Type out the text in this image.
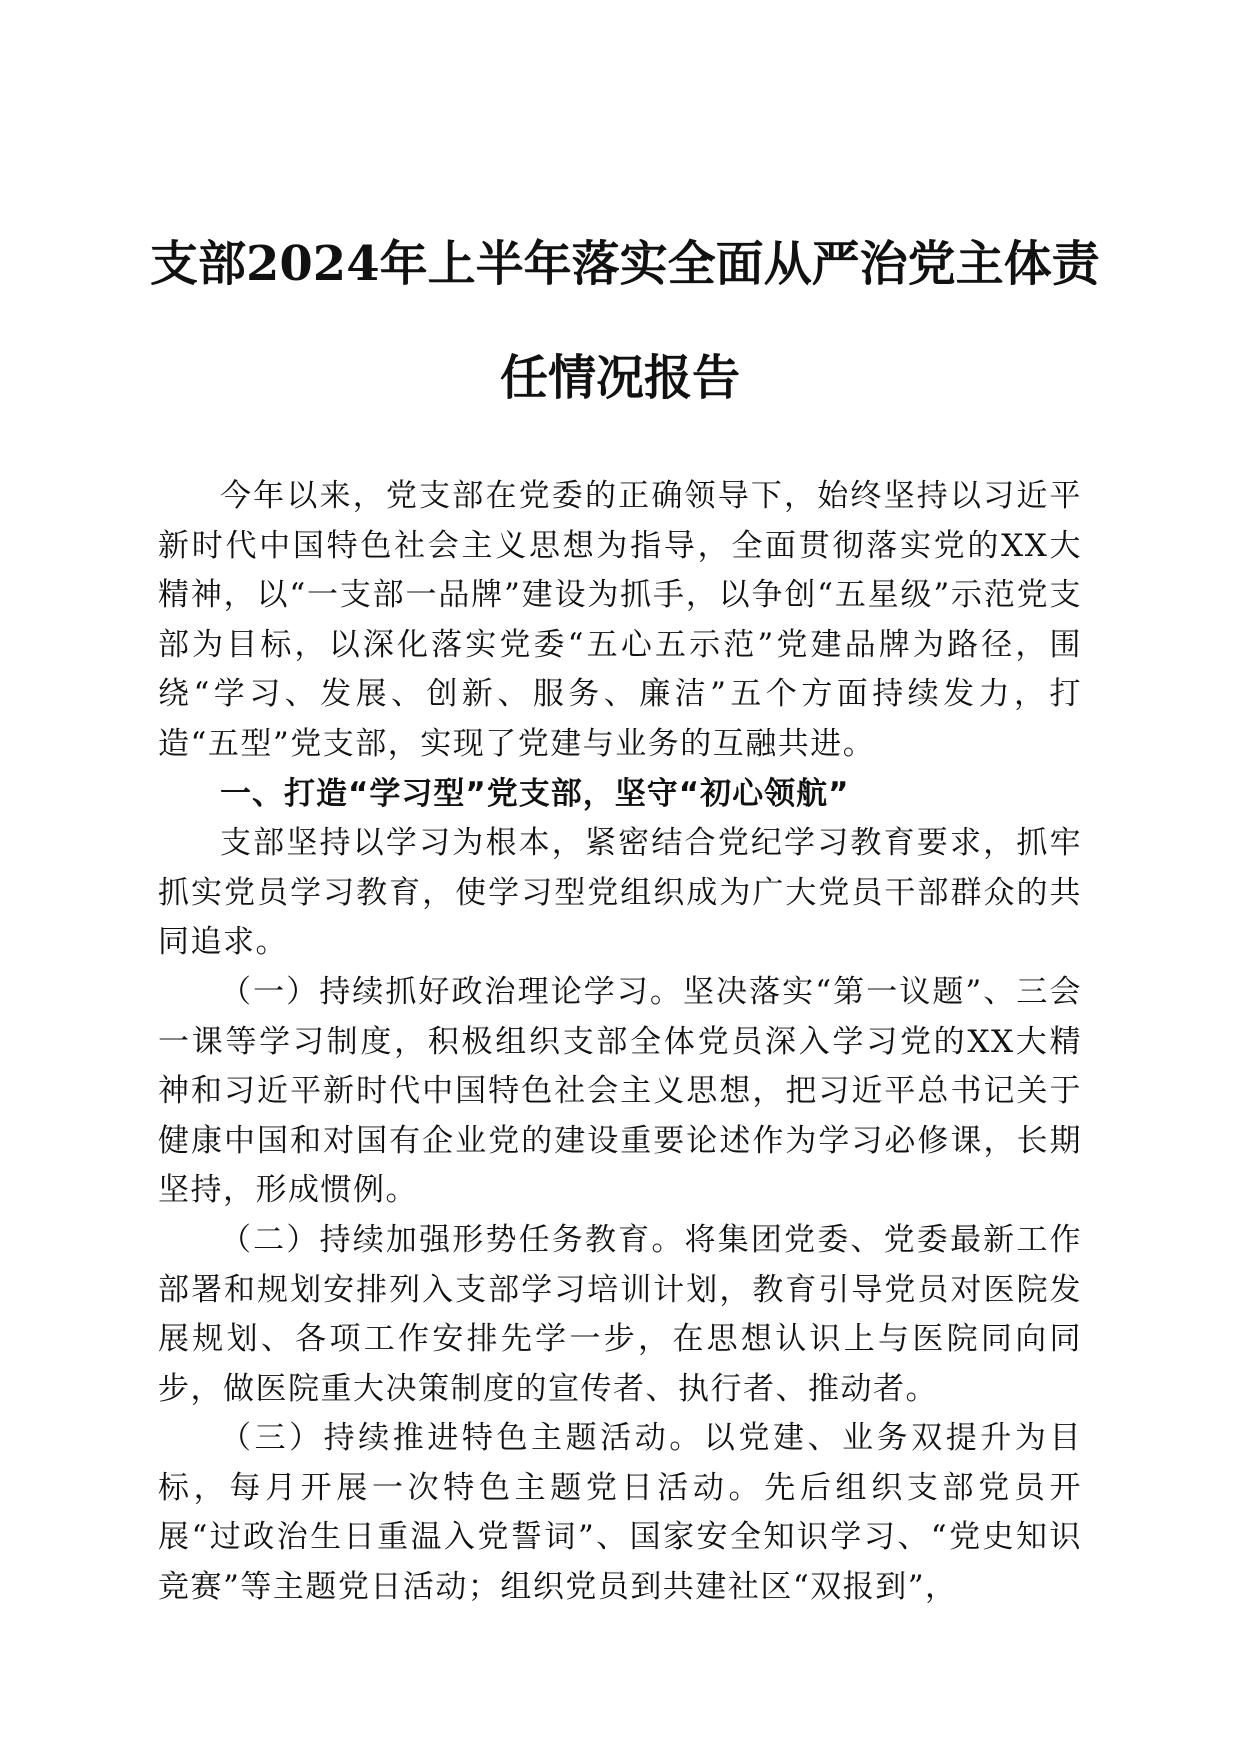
支部2024年上半年落实全面从严治党主体责
任情况报告

今年以来，党支部在党委的正确领导下，始终坚持以习近平新时代中国特色社会主义思想为指导，全面贯彻落实党的XX大精神，以“一支部一品牌”建设为抓手，以争创“五星级”示范党支部为目标，以深化落实党委“五心五示范”党建品牌为路径，围绕“学习、发展、创新、服务、廉洁”五个方面持续发力，打造“五型”党支部，实现了党建与业务的互融共进。

一、打造“学习型”党支部，坚守“初心领航”

支部坚持以学习为根本，紧密结合党纪学习教育要求，抓牢抓实党员学习教育，使学习型党组织成为广大党员干部群众的共同追求。

（一）持续抓好政治理论学习。坚决落实“第一议题”、三会一课等学习制度，积极组织支部全体党员深入学习党的XX大精神和习近平新时代中国特色社会主义思想，把习近平总书记关于健康中国和对国有企业党的建设重要论述作为学习必修课，长期坚持，形成惯例。

（二）持续加强形势任务教育。将集团党委、党委最新工作部署和规划安排列入支部学习培训计划，教育引导党员对医院发展规划、各项工作安排先学一步，在思想认识上与医院同向同步，做医院重大决策制度的宣传者、执行者、推动者。

（三）持续推进特色主题活动。以党建、业务双提升为目标，每月开展一次特色主题党日活动。先后组织支部党员开展“过政治生日重温入党誓词”、国家安全知识学习、“党史知识竞赛”等主题党日活动；组织党员到共建社区“双报到”，
